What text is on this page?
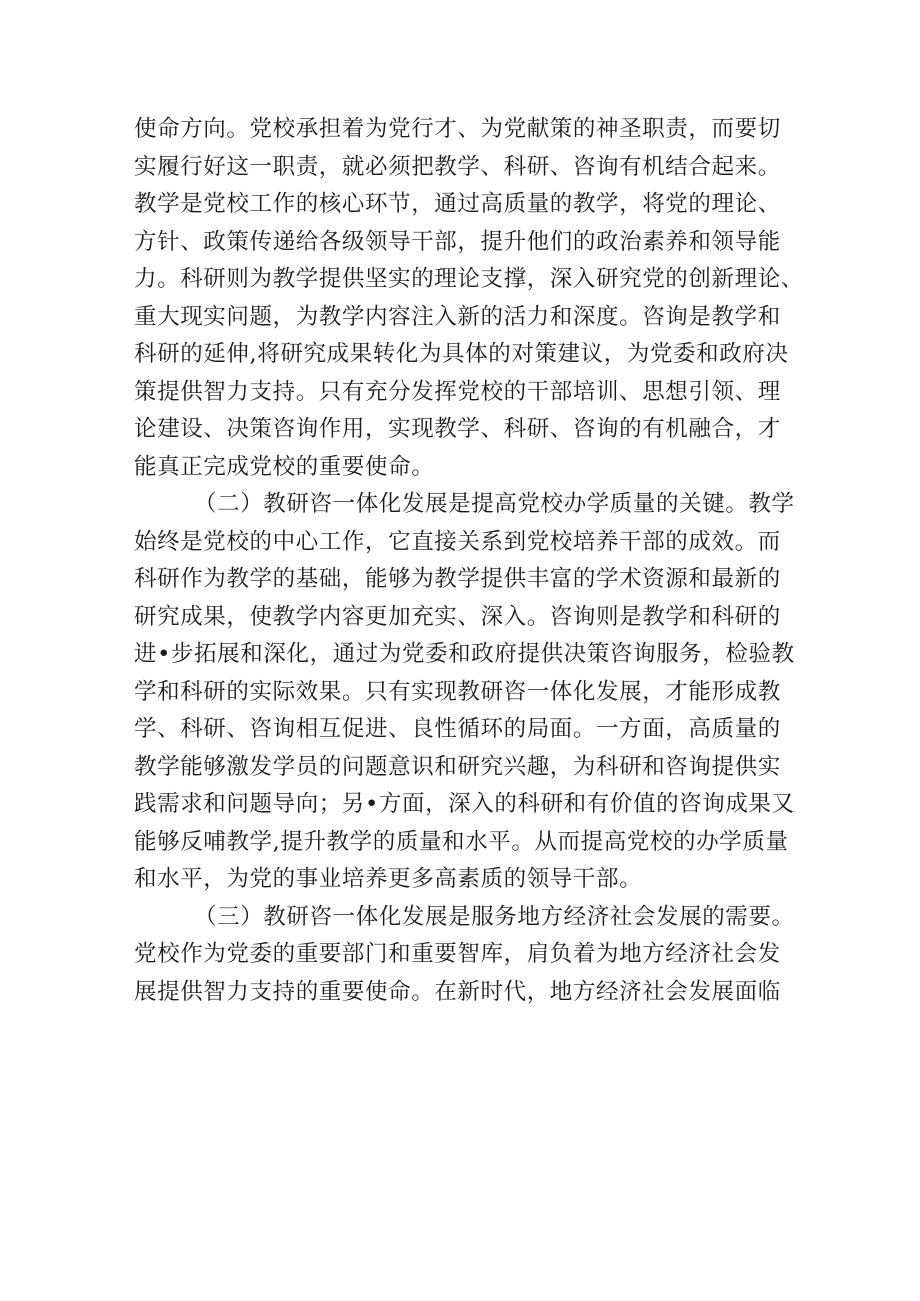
使命方向。党校承担着为党行才、为党献策的神圣职责，而要切
实履行好这一职责，就必须把教学、科研、咨询有机结合起来。
教学是党校工作的核心环节，通过高质量的教学，将党的理论、
方针、政策传递给各级领导干部，提升他们的政治素养和领导能
力。科研则为教学提供坚实的理论支撑，深入研究党的创新理论、
重大现实问题，为教学内容注入新的活力和深度。咨询是教学和
科研的延伸,将研究成果转化为具体的对策建议，为党委和政府决
策提供智力支持。只有充分发挥党校的干部培训、思想引领、理
论建设、决策咨询作用，实现教学、科研、咨询的有机融合，才
能真正完成党校的重要使命。
（二）教研咨一体化发展是提高党校办学质量的关键。教学
始终是党校的中心工作，它直接关系到党校培养干部的成效。而
科研作为教学的基础，能够为教学提供丰富的学术资源和最新的
研究成果，使教学内容更加充实、深入。咨询则是教学和科研的
进•步拓展和深化，通过为党委和政府提供决策咨询服务，检验教
学和科研的实际效果。只有实现教研咨一体化发展，才能形成教
学、科研、咨询相互促进、良性循环的局面。一方面，高质量的
教学能够激发学员的问题意识和研究兴趣，为科研和咨询提供实
践需求和问题导向；另•方面，深入的科研和有价值的咨询成果又
能够反哺教学,提升教学的质量和水平。从而提高党校的办学质量
和水平，为党的事业培养更多高素质的领导干部。
（三）教研咨一体化发展是服务地方经济社会发展的需要。
党校作为党委的重要部门和重要智库，肩负着为地方经济社会发
展提供智力支持的重要使命。在新时代，地方经济社会发展面临
